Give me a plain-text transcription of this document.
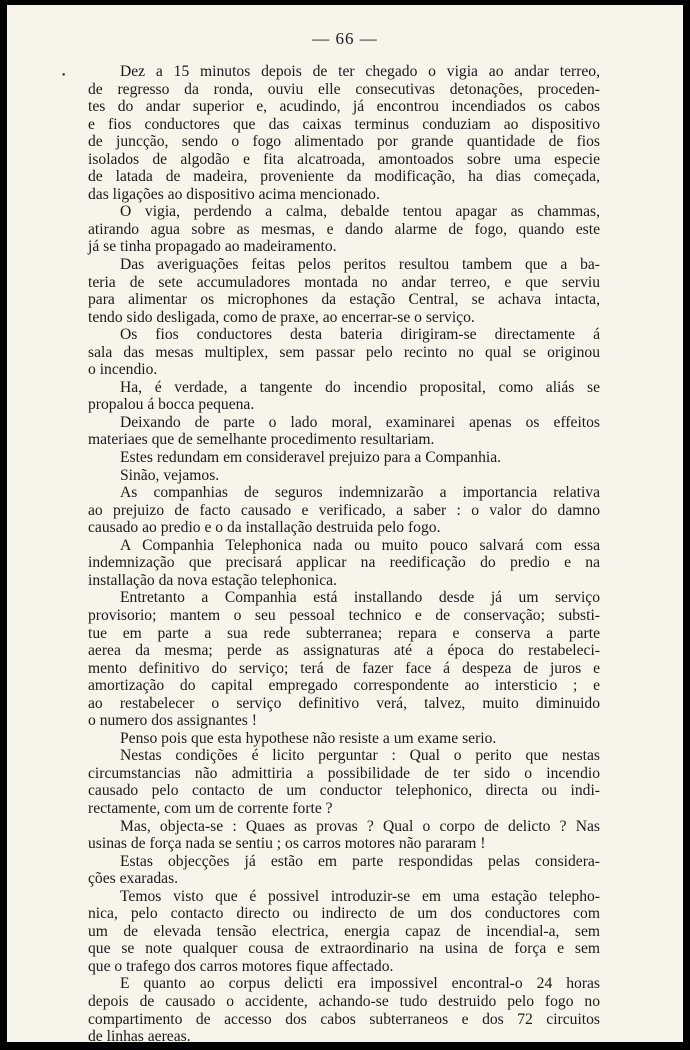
— 66 —
•	Dez a 15 minutos depois de ter chegado o vigia ao andar terreo,
de regresso da ronda, ouviu elle consecutivas detonações, proceden-
tes do andar superior e, acudindo, já encontrou incendiados os cabos
e fios conductores que das caixas terminus conduziam ao dispositivo
de juncção, sendo o fogo alimentado por grande quantidade de fios
isolados de algodão e fita alcatroada, amontoados sobre uma especie
de latada de madeira, proveniente da modificação, ha dias começada,
das ligações ao dispositivo acima mencionado.
O vigia, perdendo a calma, debalde tentou apagar as chammas,
atirando agua sobre as mesmas, e dando alarme de fogo, quando este
já se tinha propagado ao madeiramento.
Das averiguações feitas pelos peritos resultou tambem que a ba-
teria de sete accumuladores montada no andar terreo, e que serviu
para alimentar os microphones da estação Central, se achava intacta,
tendo sido desligada, como de praxe, ao encerrar-se o serviço.
Os fios conductores desta bateria dirigiram-se directamente á
sala das mesas multiplex, sem passar pelo recinto no qual se originou
o incendio.
Ha, é verdade, a tangente do incendio proposital, como aliás se
propalou á bocca pequena.
Deixando de parte o lado moral, examinarei apenas os effeitos
materiaes que de semelhante procedimento resultariam.
Estes redundam em consideravel prejuizo para a Companhia.
Sinão, vejamos.
As companhias de seguros indemnizarão a importancia relativa
ao prejuizo de facto causado e verificado, a saber : o valor do damno
causado ao predio e o da installação destruida pelo fogo.
A Companhia Telephonica nada ou muito pouco salvará com essa
indemnização que precisará applicar na reedificação do predio e na
installação da nova estação telephonica.
Entretanto a Companhia está installando desde já um serviço
provisorio; mantem o seu pessoal technico e de conservação; substi-
tue em parte a sua rede subterranea; repara e conserva a parte
aerea da mesma; perde as assignaturas até a época do restabeleci-
mento definitivo do serviço; terá de fazer face á despeza de juros e
amortização do capital empregado correspondente ao intersticio ; e
ao restabelecer o serviço definitivo verá, talvez, muito diminuido
o numero dos assignantes !
Penso pois que esta hypothese não resiste a um exame serio.
Nestas condições é licito perguntar : Qual o perito que nestas
circumstancias não admittiria a possibilidade de ter sido o incendio
causado pelo contacto de um conductor telephonico, directa ou indi-
rectamente, com um de corrente forte ?
Mas, objecta-se : Quaes as provas ? Qual o corpo de delicto ? Nas
usinas de força nada se sentiu ; os carros motores não pararam !
Estas objecções já estão em parte respondidas pelas considera-
ções exaradas.
Temos visto que é possivel introduzir-se em uma estação telepho-
nica, pelo contacto directo ou indirecto de um dos conductores com
um de elevada tensão electrica, energia capaz de incendial-a, sem
que se note qualquer cousa de extraordinario na usina de força e sem
que o trafego dos carros motores fique affectado.
E quanto ao corpus delicti era impossivel encontral-o 24 horas
depois de causado o accidente, achando-se tudo destruido pelo fogo no
compartimento de accesso dos cabos subterraneos e dos 72 circuitos
de linhas aereas.
